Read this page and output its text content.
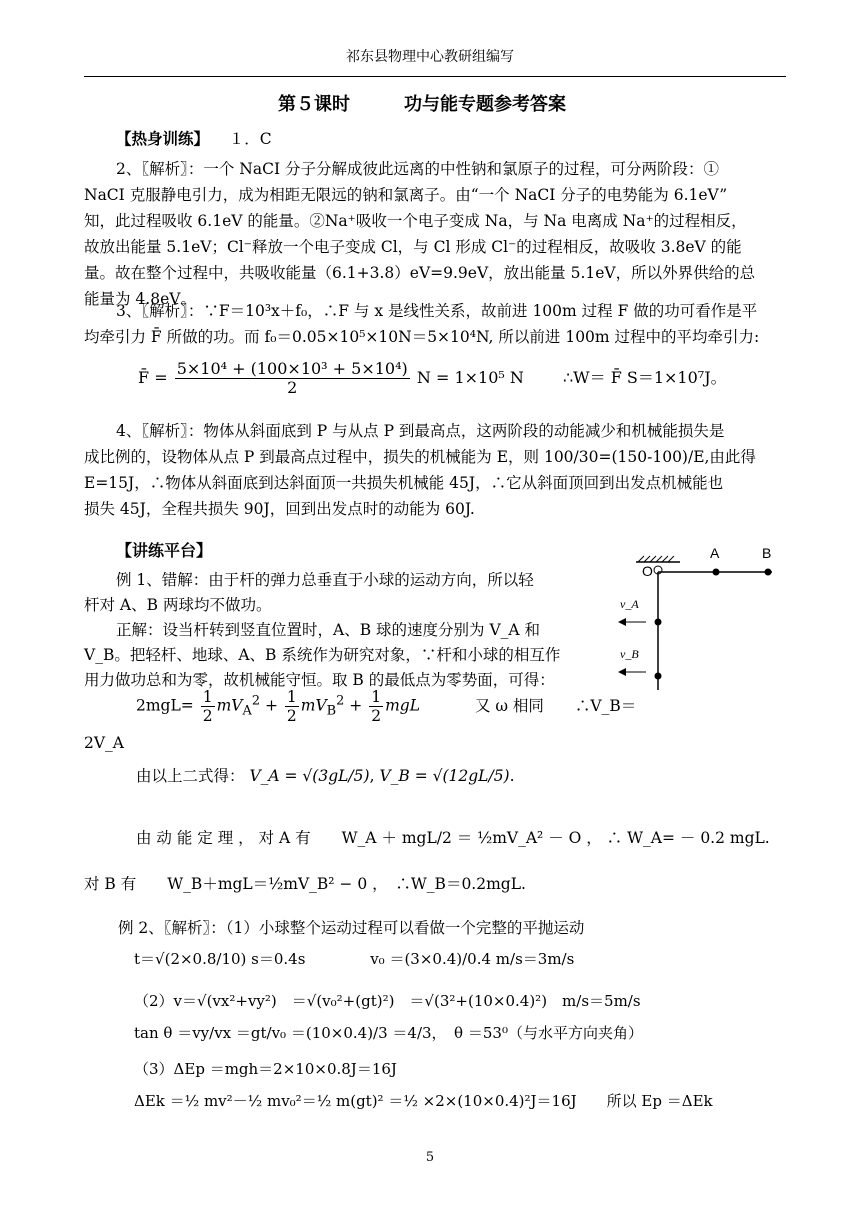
祁东县物理中心教研组编写
第５课时　　　功与能专题参考答案
【热身训练】 １．C
2、〖解析〗：一个 NaCI 分子分解成彼此远离的中性钠和氯原子的过程，可分两阶段：①
NaCI 克服静电引力，成为相距无限远的钠和氯离子。由“一个 NaCI 分子的电势能为 6.1eV”
知，此过程吸收 6.1eV 的能量。②Na⁺吸收一个电子变成 Na，与 Na 电离成 Na⁺的过程相反，
故放出能量 5.1eV；Cl⁻释放一个电子变成 Cl，与 Cl 形成 Cl⁻的过程相反，故吸收 3.8eV 的能
量。故在整个过程中，共吸收能量（6.1+3.8）eV=9.9eV，放出能量 5.1eV，所以外界供给的总
能量为 4.8eV。
3、〖解析〗：∵F＝10³x＋f₀，∴F 与 x 是线性关系，故前进 100m 过程 F 做的功可看作是平
均牵引力 F̄ 所做的功。而 f₀＝0.05×10⁵×10N＝5×10⁴N, 所以前进 100m 过程中的平均牵引力:
F̄ = $\frac{\text{5×10⁴ + (100×10³ + 5×10⁴)}}{2}$ N = 1×10⁵ N ∴W＝ F̄ S＝1×10⁷J。
4、〖解析〗：物体从斜面底到 P 与从点 P 到最高点，这两阶段的动能减少和机械能损失是
成比例的，设物体从点 P 到最高点过程中，损失的机械能为 E，则 100/30=(150-100)/E,由此得
E=15J，∴物体从斜面底到达斜面顶一共损失机械能 45J，∴它从斜面顶回到出发点机械能也
损失 45J，全程共损失 90J，回到出发点时的动能为 60J.
【讲练平台】
例 1、错解：由于杆的弹力总垂直于小球的运动方向，所以轻
杆对 A、B 两球均不做功。
正解：设当杆转到竖直位置时，A、B 球的速度分别为 V_A 和
V_B。把轻杆、地球、A、B 系统作为研究对象，∵杆和小球的相互作
用力做功总和为零，故机械能守恒。取 B 的最低点为零势面，可得：
A	B
O
v_A
v_B
$2mgL= \frac{1}{2} mV_A^2 + \frac{1}{2} mV_B^2 + \frac{1}{2}$ mgL	又 ω 相同　　∴V_B＝
2V_A
由以上二式得： V_A = √(3gL/5), V_B = √(12gL/5).
由 动 能 定 理 ， 对 A 有　　W_A ＋ mgL/2 ＝ ½mV_A² － O ， ∴ W_A= － 0.2 mgL.
对 B 有　　W_B＋mgL＝½mV_B² − 0 ，　∴W_B＝0.2mgL.
例 2、〖解析〗：（1）小球整个运动过程可以看做一个完整的平抛运动
t＝√(2×0.8/10) s＝0.4s	v₀ ＝(3×0.4)/0.4 m/s＝3m/s
（2）v＝√(vx²+vy²)　＝√(v₀²+(gt)²)　＝√(3²+(10×0.4)²)　m/s＝5m/s
tan θ ＝vy/vx ＝gt/v₀ ＝(10×0.4)/3 ＝4/3，　θ ＝53⁰（与水平方向夹角）
（3）ΔEp ＝mgh＝2×10×0.8J＝16J
ΔEk ＝½ mv²－½ mv₀²＝½ m(gt)² ＝½ ×2×(10×0.4)²J＝16J　　所以 Ep ＝ΔEk
5
